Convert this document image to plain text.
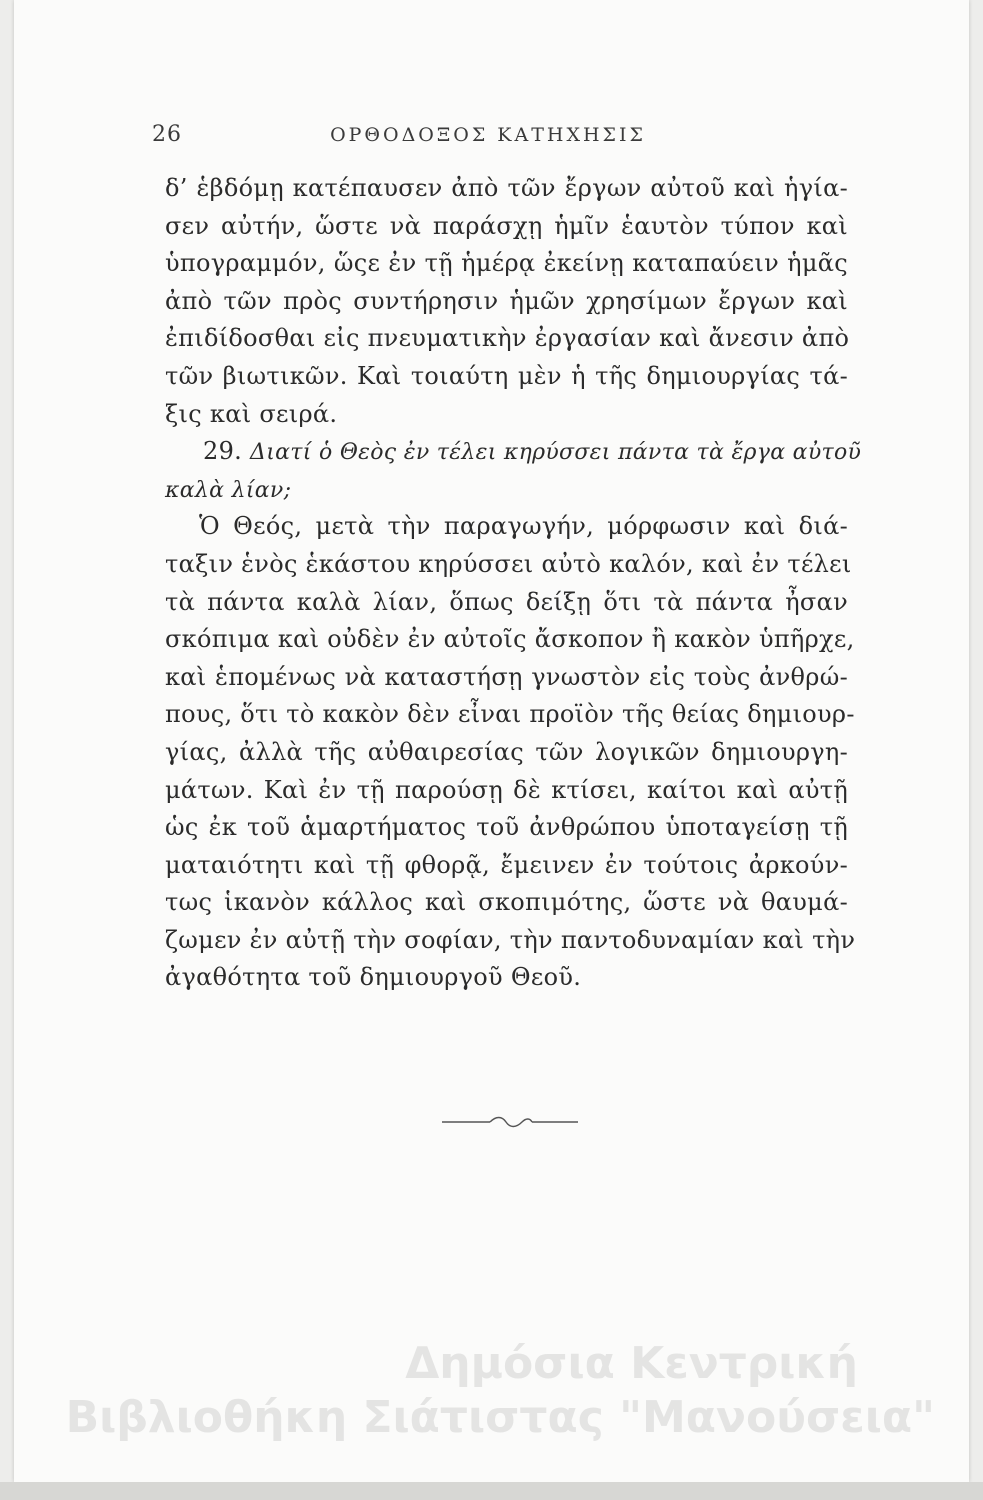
26	ΟΡΘΟΔΟΞΟΣ ΚΑΤΗΧΗΣΙΣ
δ’ ἑβδόμῃ κατέπαυσεν ἀπὸ τῶν ἔργων αὐτοῦ καὶ ἡγία-
σεν αὐτήν, ὥστε νὰ παράσχῃ ἡμῖν ἑαυτὸν τύπον καὶ
ὑπογραμμόν, ὥςε ἐν τῇ ἡμέρᾳ ἐκείνῃ καταπαύειν ἡμᾶς
ἀπὸ τῶν πρὸς συντήρησιν ἡμῶν χρησίμων ἔργων καὶ
ἐπιδίδοσθαι εἰς πνευματικὴν ἐργασίαν καὶ ἄνεσιν ἀπὸ
τῶν βιωτικῶν. Καὶ τοιαύτη μὲν ἡ τῆς δημιουργίας τά-
ξις καὶ σειρά.
29. Διατί ὁ Θεὸς ἐν τέλει κηρύσσει πάντα τὰ ἔργα αὐτοῦ
καλὰ λίαν;
Ὁ Θεός, μετὰ τὴν παραγωγήν, μόρφωσιν καὶ διά-
ταξιν ἑνὸς ἑκάστου κηρύσσει αὐτὸ καλόν, καὶ ἐν τέλει
τὰ πάντα καλὰ λίαν, ὅπως δείξῃ ὅτι τὰ πάντα ἦσαν
σκόπιμα καὶ οὐδὲν ἐν αὐτοῖς ἄσκοπον ἢ κακὸν ὑπῆρχε,
καὶ ἑπομένως νὰ καταστήσῃ γνωστὸν εἰς τοὺς ἀνθρώ-
πους, ὅτι τὸ κακὸν δὲν εἶναι προϊὸν τῆς θείας δημιουρ-
γίας, ἀλλὰ τῆς αὐθαιρεσίας τῶν λογικῶν δημιουργη-
μάτων. Καὶ ἐν τῇ παρούσῃ δὲ κτίσει, καίτοι καὶ αὐτῇ
ὡς ἐκ τοῦ ἁμαρτήματος τοῦ ἀνθρώπου ὑποταγείσῃ τῇ
ματαιότητι καὶ τῇ φθορᾷ, ἔμεινεν ἐν τούτοις ἀρκούν-
τως ἱκανὸν κάλλος καὶ σκοπιμότης, ὥστε νὰ θαυμά-
ζωμεν ἐν αὐτῇ τὴν σοφίαν, τὴν παντοδυναμίαν καὶ τὴν
ἀγαθότητα τοῦ δημιουργοῦ Θεοῦ.
Δημόσια Κεντρική
Βιβλιοθήκη Σιάτιστας "Μανούσεια"
